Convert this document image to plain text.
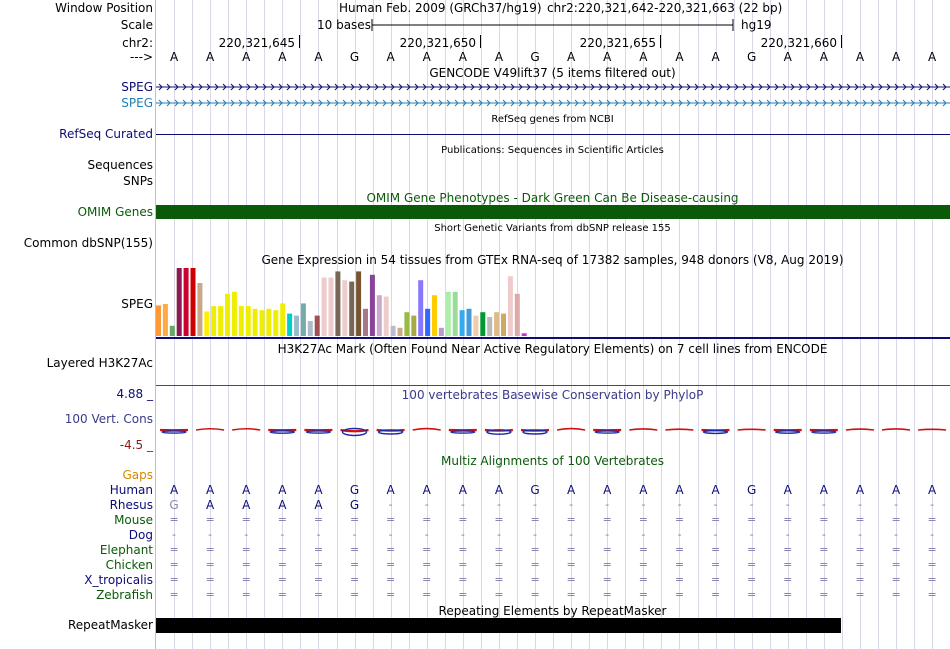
Window Position	Human Feb. 2009 (GRCh37/hg19) chr2:220,321,642-220,321,663 (22 bp)
Scale	10 bases	hg19
chr2:	220,321,645	220,321,650	220,321,655	220,321,660
---> A A A A A G A A A A G A A A A A G A A A A A
GENCODE V49lift37 (5 items filtered out)
SPEG
SPEG
RefSeq genes from NCBI
RefSeq Curated
Publications: Sequences in Scientific Articles
Sequences
SNPs
OMIM Gene Phenotypes - Dark Green Can Be Disease-causing
OMIM Genes
Short Genetic Variants from dbSNP release 155
Common dbSNP(155)
Gene Expression in 54 tissues from GTEx RNA-seq of 17382 samples, 948 donors (V8, Aug 2019)
SPEG
H3K27Ac Mark (Often Found Near Active Regulatory Elements) on 7 cell lines from ENCODE
Layered H3K27Ac
100 vertebrates Basewise Conservation by PhyloP
4.88 _
100 Vert. Cons
-4.5 _
Gaps
Multiz Alignments of 100 Vertebrates
Human A A A A A G A A A A G A A A A A G A A A A A
Rhesus G A A A A G	-	-	-	-	-	-	-	-	-	-	-	-	-	-	-	-
Mouse = = = = = = = = = = = = = = = = = = = = = =
Dog -	-	-	-	-	-	-	-	-	-	-	-	-	-	-	-	-	-	-	-	-	-
Elephant = = = = = = = = = = = = = = = = = = = = = =
Chicken = = = = = = = = = = = = = = = = = = = = = =
X_tropicalis = = = = = = = = = = = = = = = = = = = = = =
Zebrafish = = = = = = = = = = = = = = = = = = = = = =
Repeating Elements by RepeatMasker
RepeatMasker
